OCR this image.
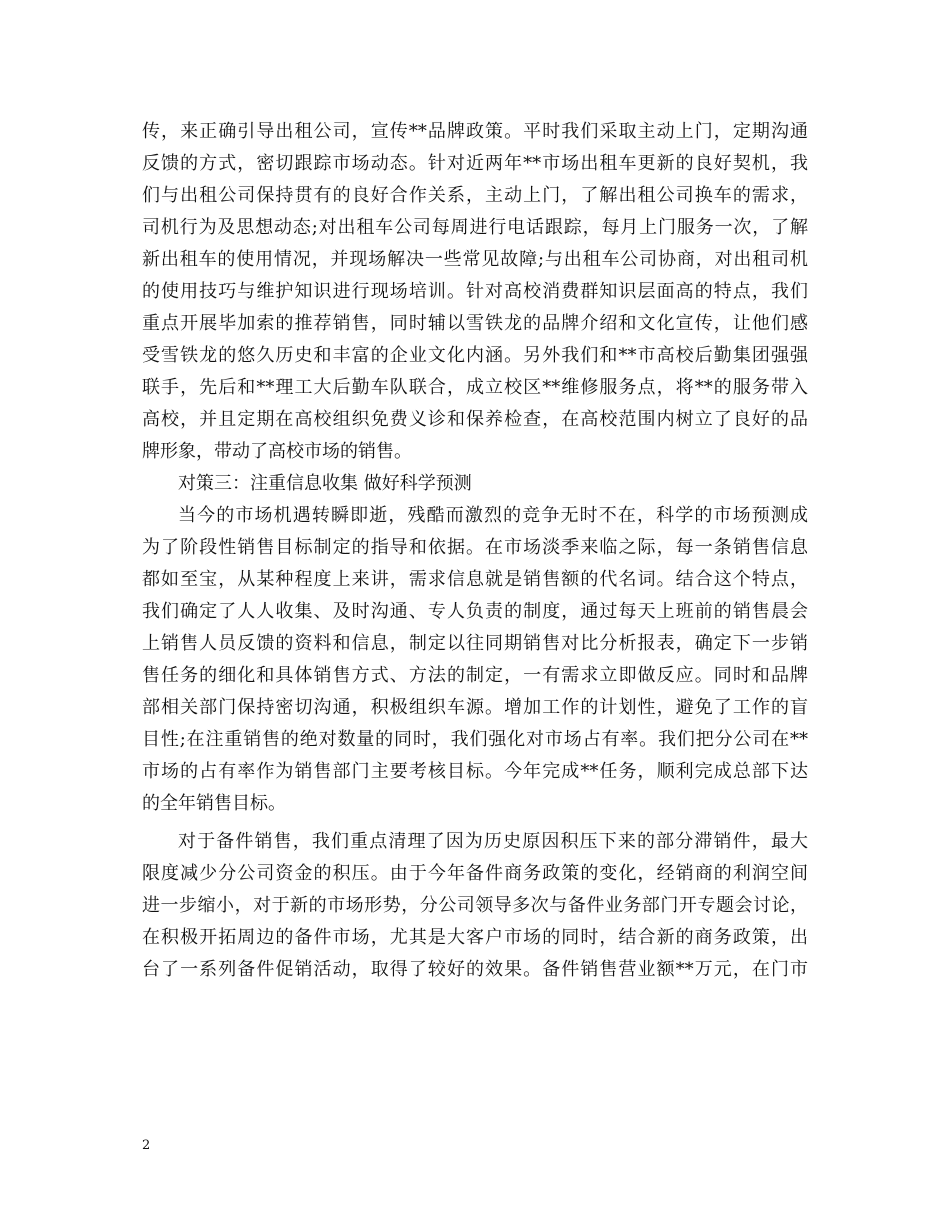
传，来正确引导出租公司，宣传**品牌政策。平时我们采取主动上门，定期沟通
反馈的方式，密切跟踪市场动态。针对近两年**市场出租车更新的良好契机，我
们与出租公司保持贯有的良好合作关系，主动上门，了解出租公司换车的需求，
司机行为及思想动态;对出租车公司每周进行电话跟踪，每月上门服务一次，了解
新出租车的使用情况，并现场解决一些常见故障;与出租车公司协商，对出租司机
的使用技巧与维护知识进行现场培训。针对高校消费群知识层面高的特点，我们
重点开展毕加索的推荐销售，同时辅以雪铁龙的品牌介绍和文化宣传，让他们感
受雪铁龙的悠久历史和丰富的企业文化内涵。另外我们和**市高校后勤集团强强
联手，先后和**理工大后勤车队联合，成立校区**维修服务点，将**的服务带入
高校，并且定期在高校组织免费义诊和保养检查，在高校范围内树立了良好的品
牌形象，带动了高校市场的销售。
对策三：注重信息收集 做好科学预测
当今的市场机遇转瞬即逝，残酷而激烈的竞争无时不在，科学的市场预测成
为了阶段性销售目标制定的指导和依据。在市场淡季来临之际，每一条销售信息
都如至宝，从某种程度上来讲，需求信息就是销售额的代名词。结合这个特点，
我们确定了人人收集、及时沟通、专人负责的制度，通过每天上班前的销售晨会
上销售人员反馈的资料和信息，制定以往同期销售对比分析报表，确定下一步销
售任务的细化和具体销售方式、方法的制定，一有需求立即做反应。同时和品牌
部相关部门保持密切沟通，积极组织车源。增加工作的计划性，避免了工作的盲
目性;在注重销售的绝对数量的同时，我们强化对市场占有率。我们把分公司在**
市场的占有率作为销售部门主要考核目标。今年完成**任务，顺利完成总部下达
的全年销售目标。
对于备件销售，我们重点清理了因为历史原因积压下来的部分滞销件，最大
限度减少分公司资金的积压。由于今年备件商务政策的变化，经销商的利润空间
进一步缩小，对于新的市场形势，分公司领导多次与备件业务部门开专题会讨论，
在积极开拓周边的备件市场，尤其是大客户市场的同时，结合新的商务政策，出
台了一系列备件促销活动，取得了较好的效果。备件销售营业额**万元，在门市
2
